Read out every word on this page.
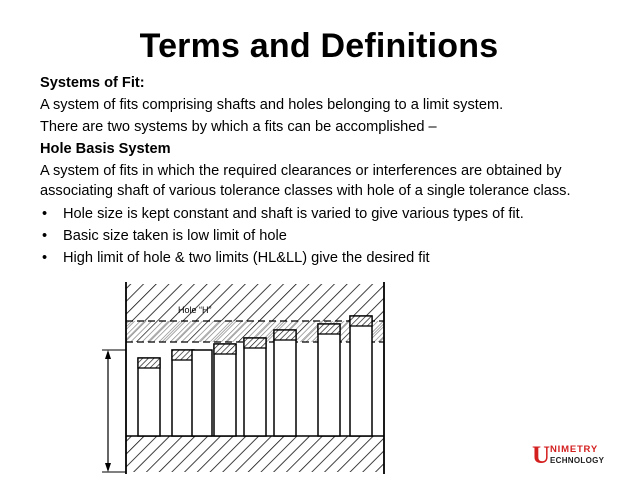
Terms and Definitions

Systems of Fit:

A system of fits comprising shafts and holes belonging to a limit system.

There are two systems by which a fits can be accomplished –

Hole Basis System

A system of fits in which the required clearances or interferences are obtained by associating shaft of various tolerance classes with hole of a single tolerance class.

• Hole size is kept constant and shaft is varied to give various types of fit.
• Basic size taken is low limit of hole
• High limit of hole & two limits (HL&LL) give the desired fit
Hole “H”
U NIMETRY
ECHNOLOGY
